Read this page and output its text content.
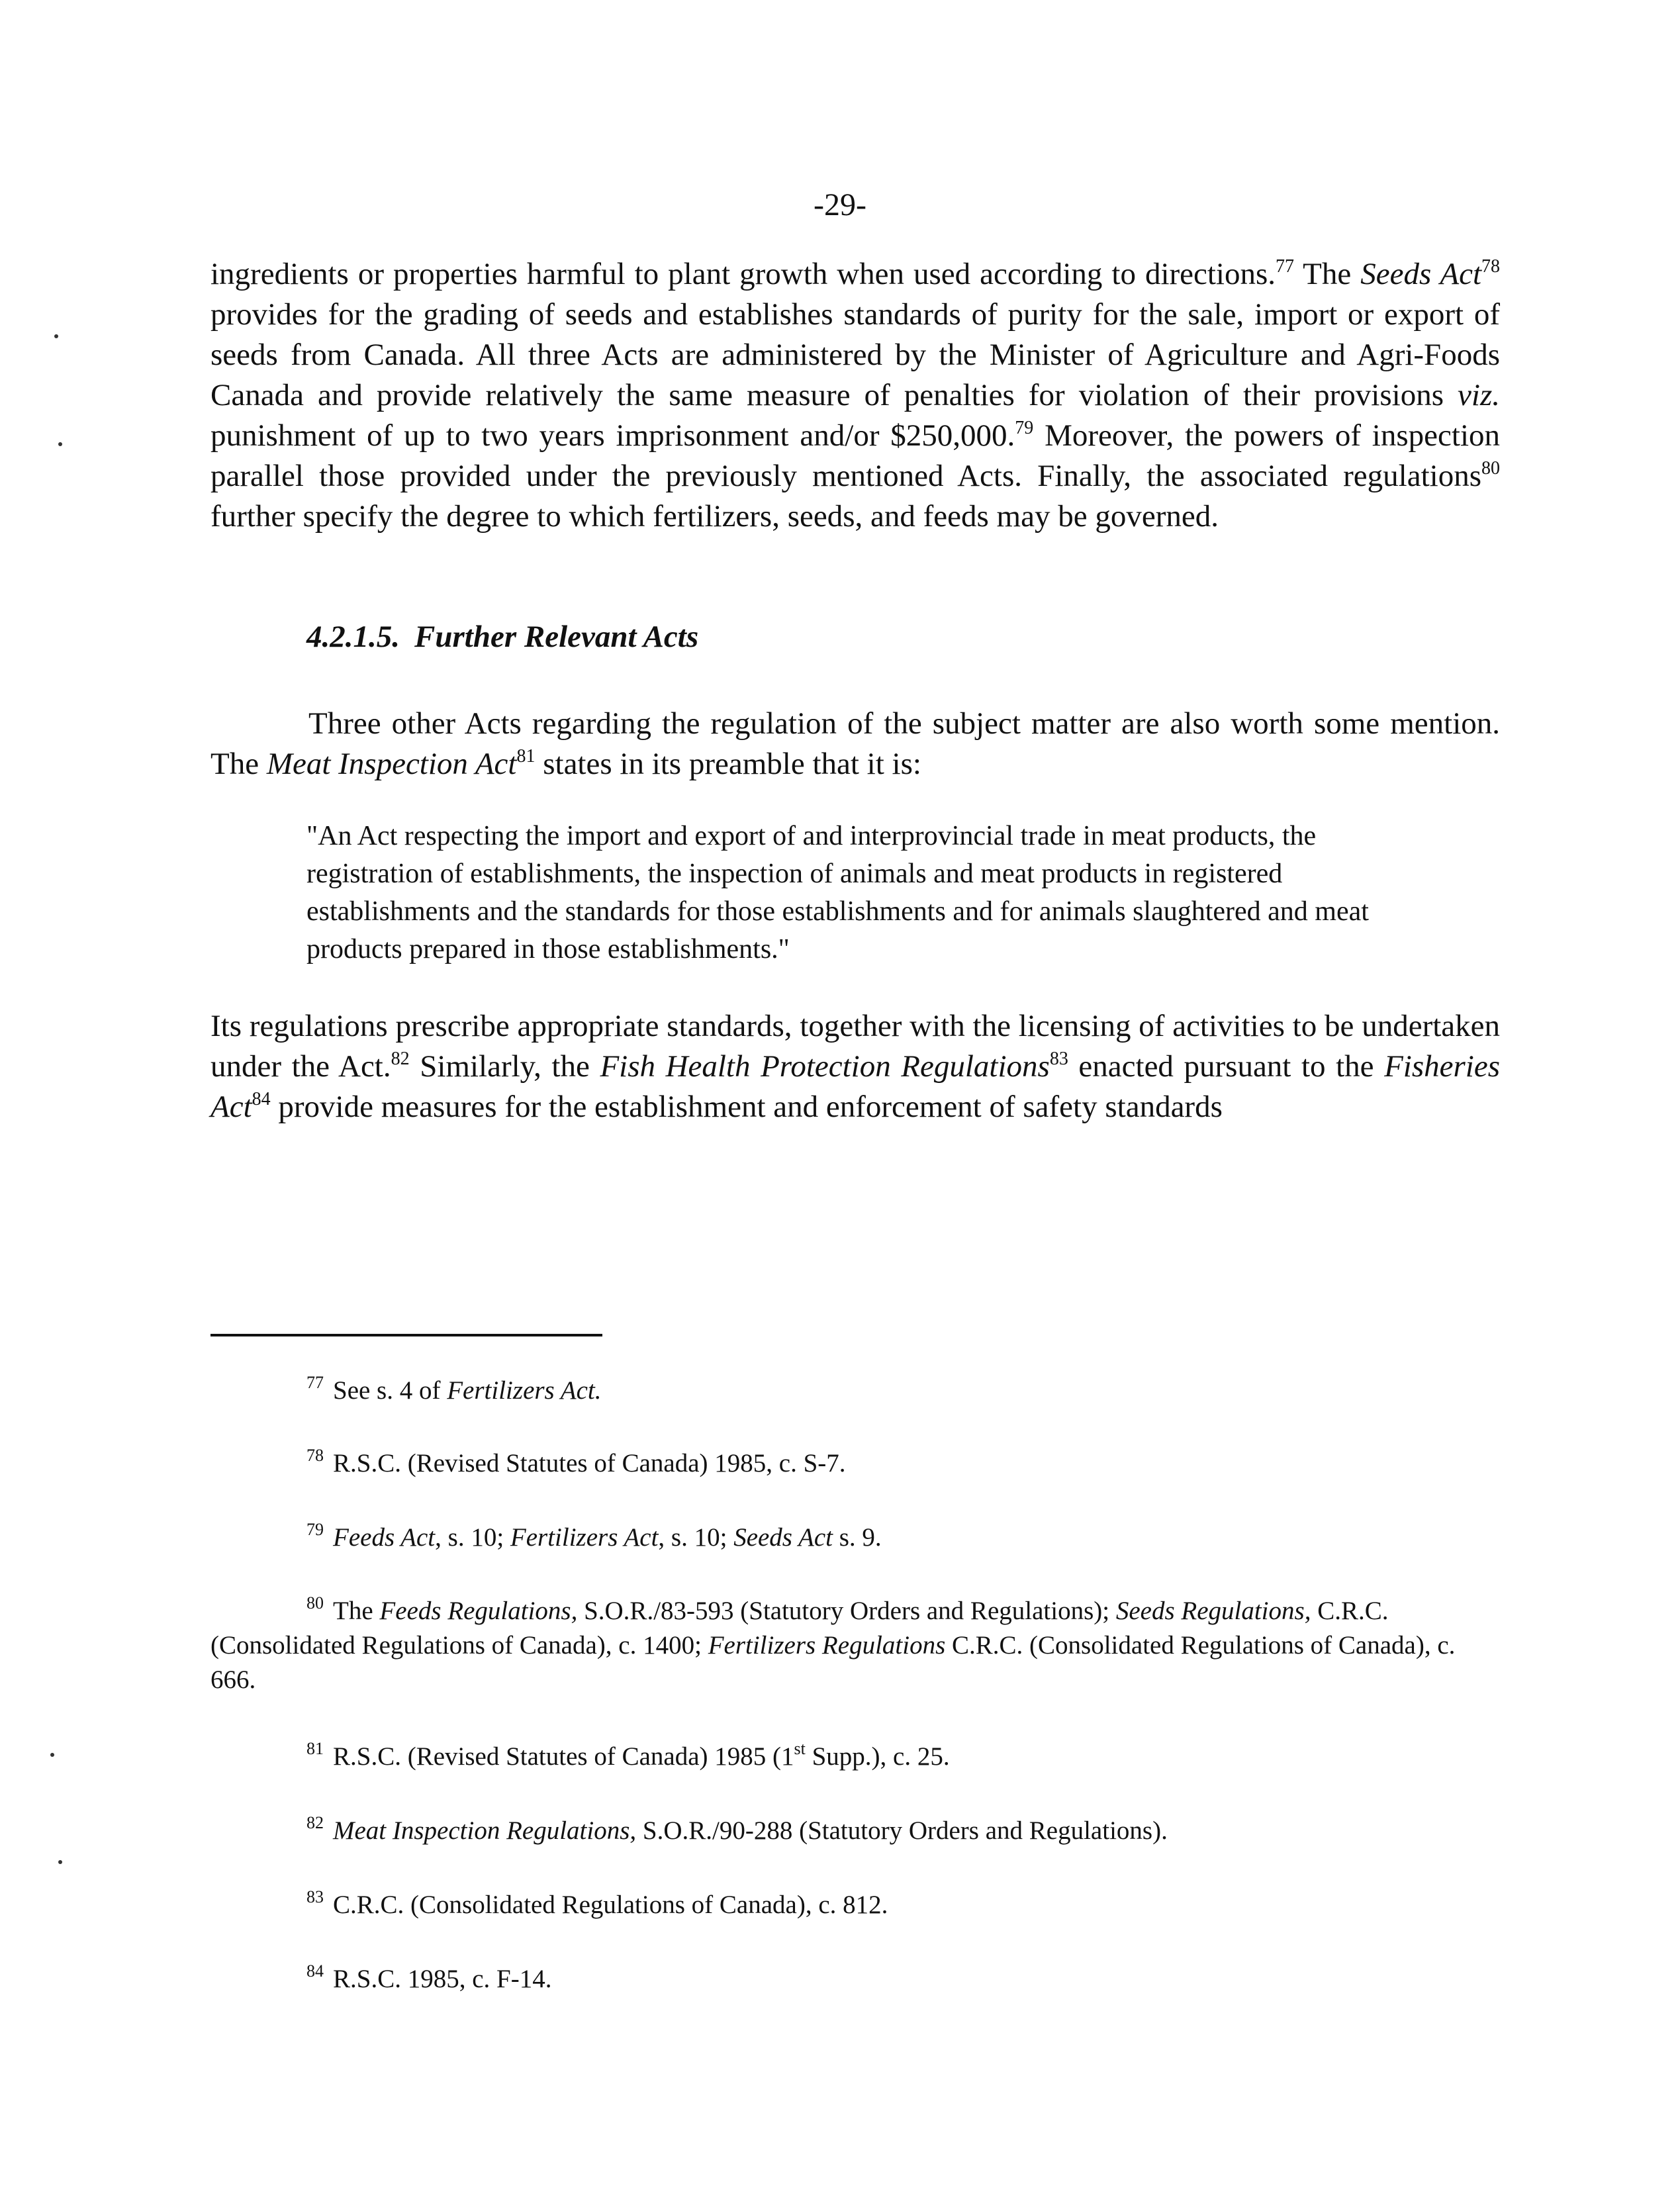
-29-

ingredients or properties harmful to plant growth when used according to directions.$^{77}$ The Seeds Act$^{78}$ provides for the grading of seeds and establishes standards of purity for the sale, import or export of seeds from Canada. All three Acts are administered by the Minister of Agriculture and Agri-Foods Canada and provide relatively the same measure of penalties for violation of their provisions viz. punishment of up to two years imprisonment and/or $250,000.79 Moreover, the powers of inspection parallel those provided under the previously mentioned Acts. Finally, the associated regulations$^{80}$ further specify the degree to which fertilizers, seeds, and feeds may be governed.

4.2.1.5. Further Relevant Acts

Three other Acts regarding the regulation of the subject matter are also worth some mention. The Meat Inspection Act$^{81}$ states in its preamble that it is:

"An Act respecting the import and export of and interprovincial trade in meat products, the registration of establishments, the inspection of animals and meat products in registered establishments and the standards for those establishments and for animals slaughtered and meat products prepared in those establishments."

Its regulations prescribe appropriate standards, together with the licensing of activities to be undertaken under the Act.$^{82}$ Similarly, the Fish Health Protection Regulations$^{83}$ enacted pursuant to the Fisheries Act$^{84}$ provide measures for the establishment and enforcement of safety standards

$^{77}$ See s. 4 of Fertilizers Act.

$^{78}$ R.S.C. (Revised Statutes of Canada) 1985, c. S-7.

$^{79}$ Feeds Act, s. 10; Fertilizers Act, s. 10; Seeds Act s. 9.

$^{80}$ The Feeds Regulations, S.O.R./83-593 (Statutory Orders and Regulations); Seeds Regulations, C.R.C. (Consolidated Regulations of Canada), c. 1400; Fertilizers Regulations C.R.C. (Consolidated Regulations of Canada), c. 666.

$^{81}$ R.S.C. (Revised Statutes of Canada) 1985 (1st Supp.), c. 25.

$^{82}$ Meat Inspection Regulations, S.O.R./90-288 (Statutory Orders and Regulations).

$^{83}$ C.R.C. (Consolidated Regulations of Canada), c. 812.

$^{84}$ R.S.C. 1985, c. F-14.
